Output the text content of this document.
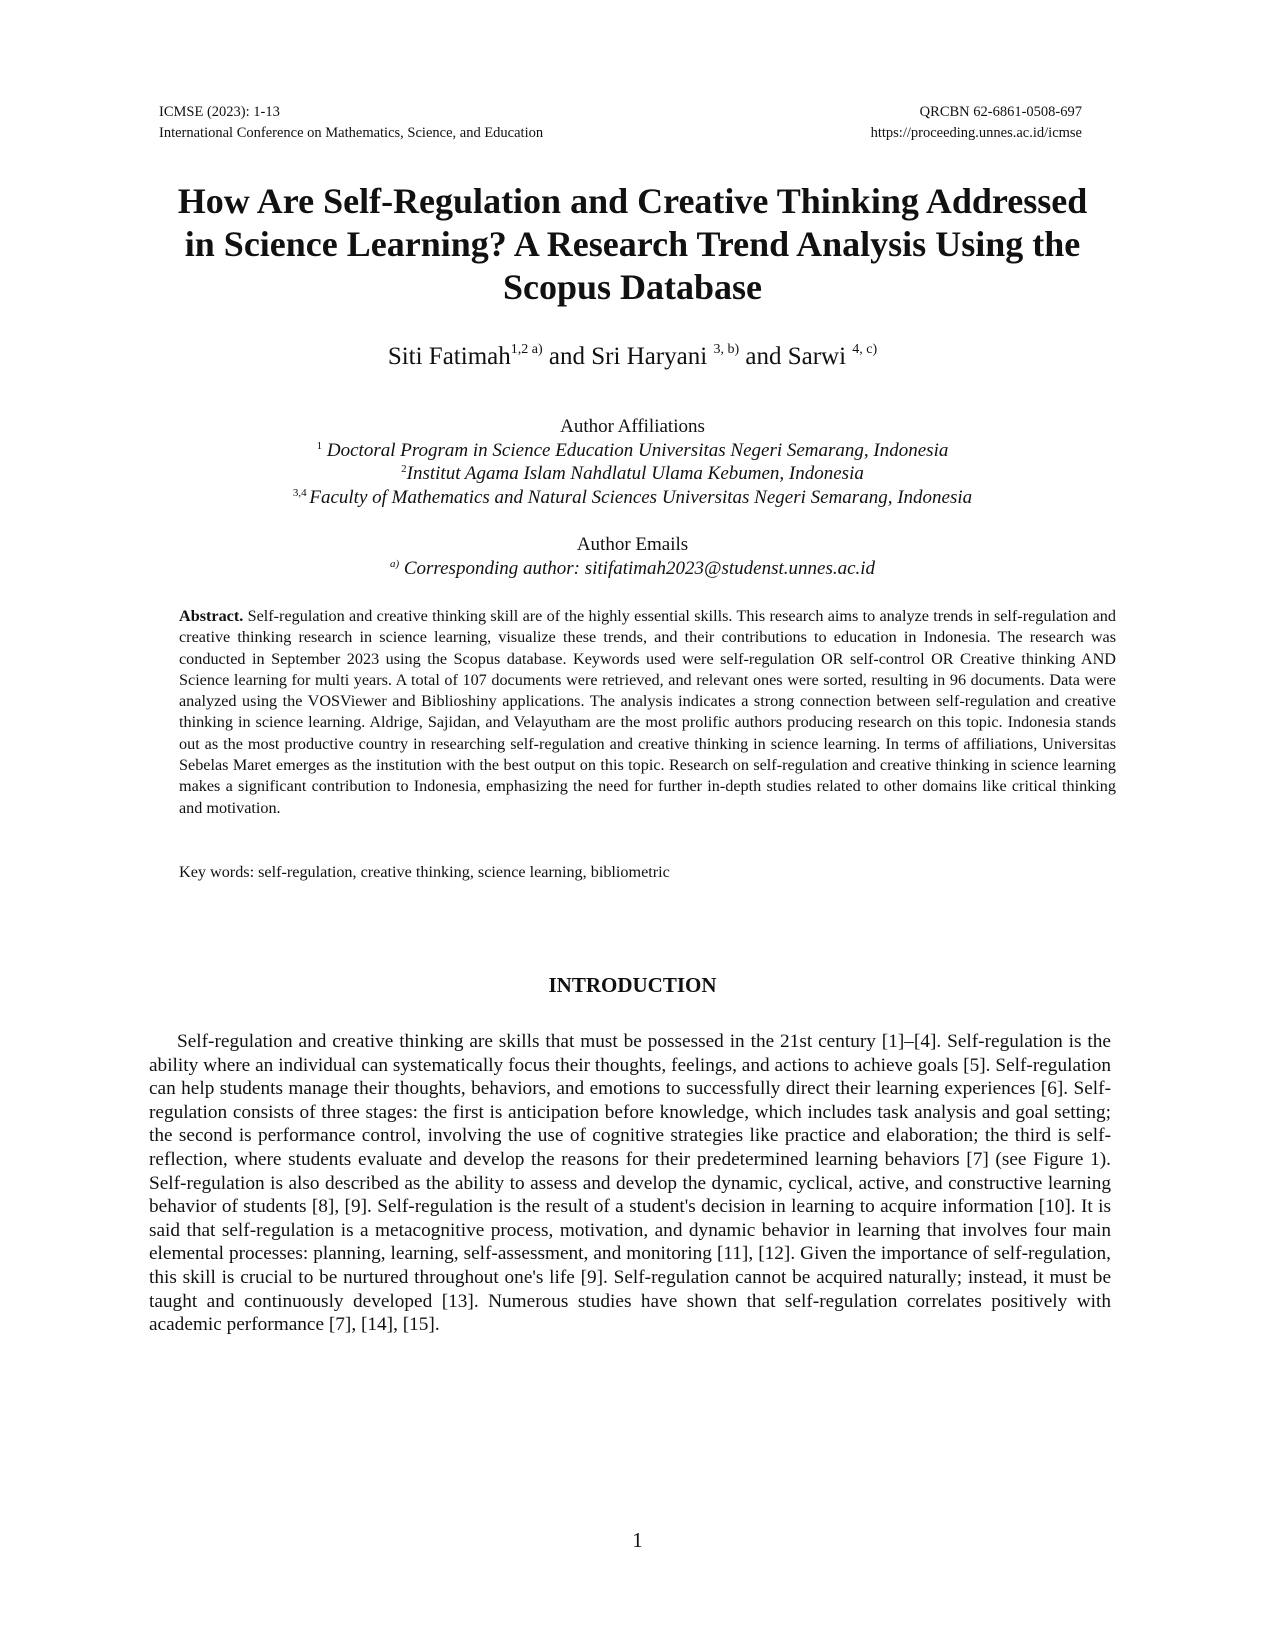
ICMSE (2023): 1-13
International Conference on Mathematics, Science, and Education
QRCBN 62-6861-0508-697
https://proceeding.unnes.ac.id/icmse
How Are Self-Regulation and Creative Thinking Addressed
in Science Learning? A Research Trend Analysis Using the
Scopus Database
Siti Fatimah$^{1,2 a)}$ and Sri Haryani $^{3, b)}$ and Sarwi $^{4, c)}$
Author Affiliations
$^1$ Doctoral Program in Science Education Universitas Negeri Semarang, Indonesia
$^2$Institut Agama Islam Nahdlatul Ulama Kebumen, Indonesia
$^{3,4}$ Faculty of Mathematics and Natural Sciences Universitas Negeri Semarang, Indonesia
Author Emails
$^{a)}$ Corresponding author: sitifatimah2023@studenst.unnes.ac.id
Abstract. Self-regulation and creative thinking skill are of the highly essential skills. This research aims to analyze trends in self-regulation and creative thinking research in science learning, visualize these trends, and their contributions to education in Indonesia. The research was conducted in September 2023 using the Scopus database. Keywords used were self-regulation OR self-control OR Creative thinking AND Science learning for multi years. A total of 107 documents were retrieved, and relevant ones were sorted, resulting in 96 documents. Data were analyzed using the VOSViewer and Biblioshiny applications. The analysis indicates a strong connection between self-regulation and creative thinking in science learning. Aldrige, Sajidan, and Velayutham are the most prolific authors producing research on this topic. Indonesia stands out as the most productive country in researching self-regulation and creative thinking in science learning. In terms of affiliations, Universitas Sebelas Maret emerges as the institution with the best output on this topic. Research on self-regulation and creative thinking in science learning makes a significant contribution to Indonesia, emphasizing the need for further in-depth studies related to other domains like critical thinking and motivation.
Key words: self-regulation, creative thinking, science learning, bibliometric
INTRODUCTION
Self-regulation and creative thinking are skills that must be possessed in the 21st century [1]–[4]. Self-regulation is the ability where an individual can systematically focus their thoughts, feelings, and actions to achieve goals [5]. Self-regulation can help students manage their thoughts, behaviors, and emotions to successfully direct their learning experiences [6]. Self-regulation consists of three stages: the first is anticipation before knowledge, which includes task analysis and goal setting; the second is performance control, involving the use of cognitive strategies like practice and elaboration; the third is self-reflection, where students evaluate and develop the reasons for their predetermined learning behaviors [7] (see Figure 1). Self-regulation is also described as the ability to assess and develop the dynamic, cyclical, active, and constructive learning behavior of students [8], [9]. Self-regulation is the result of a student's decision in learning to acquire information [10]. It is said that self-regulation is a metacognitive process, motivation, and dynamic behavior in learning that involves four main elemental processes: planning, learning, self-assessment, and monitoring [11], [12]. Given the importance of self-regulation, this skill is crucial to be nurtured throughout one's life [9]. Self-regulation cannot be acquired naturally; instead, it must be taught and continuously developed [13]. Numerous studies have shown that self-regulation correlates positively with academic performance [7], [14], [15].
1
